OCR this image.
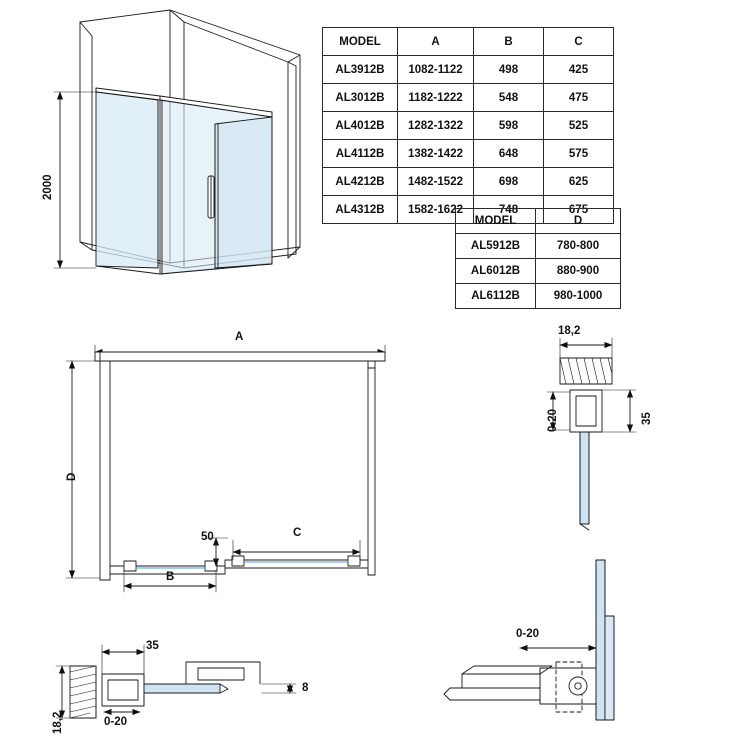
MODEL	A	B	C
AL3912B	1082-1122	498	425
AL3012B	1182-1222	548	475
AL4012B	1282-1322	598	525
AL4112B	1382-1422	648	575
AL4212B	1482-1522	698	625
AL4312B	1582-1622	748	675
MODEL	D
AL5912B	780-800
AL6012B	880-900
AL6112B	980-1000
2000
A
D
B
C
50
18,2
0-20	35
35
0-20
18,2
8
0-20
